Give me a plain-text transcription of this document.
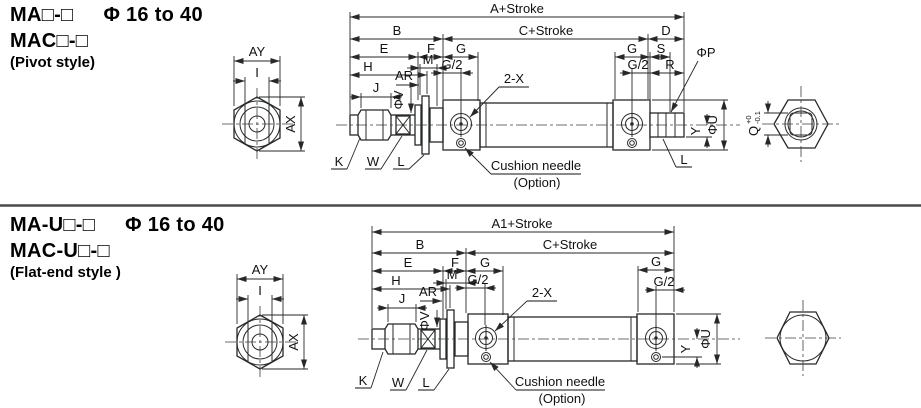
MA□-□ Φ 16 to 40
MAC□-□
(Pivot style)
MA-U□-□ Φ 16 to 40
MAC-U□-□
(Flat-end style )
AY
I
AX
A+Stroke
B	C+Stroke	D
E	F G	G S
M G/2	G/2 R
H
AR
J
ΦV
2-X
K W L	Cushion needle
(Option)
ΦP
Y ΦU
L
Q
+0 -0.1
AY
I
AX
A1+Stroke
B	C+Stroke
E	F G	G
M G/2	G/2
H
AR
J
ΦV
2-X
K W L	Cushion needle
(Option)
Y
ΦU
